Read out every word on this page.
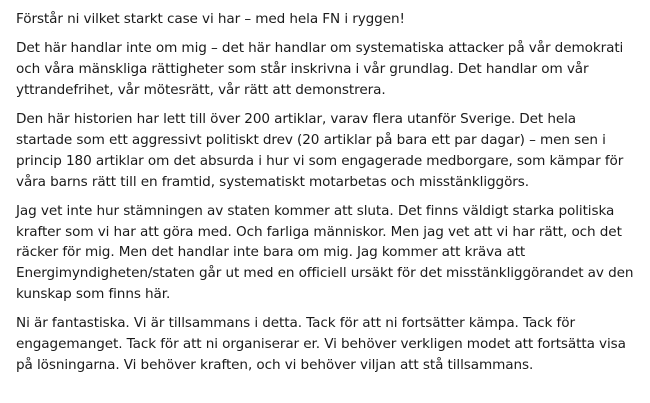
Förstår ni vilket starkt case vi har – med hela FN i ryggen!

Det här handlar inte om mig – det här handlar om systematiska attacker på vår demokrati och våra mänskliga rättigheter som står inskrivna i vår grundlag. Det handlar om vår yttrandefrihet, vår mötesrätt, vår rätt att demonstrera.

Den här historien har lett till över 200 artiklar, varav flera utanför Sverige. Det hela startade som ett aggressivt politiskt drev (20 artiklar på bara ett par dagar) – men sen i princip 180 artiklar om det absurda i hur vi som engagerade medborgare, som kämpar för våra barns rätt till en framtid, systematiskt motarbetas och misstänkliggörs.

Jag vet inte hur stämningen av staten kommer att sluta. Det finns väldigt starka politiska krafter som vi har att göra med. Och farliga människor. Men jag vet att vi har rätt, och det räcker för mig. Men det handlar inte bara om mig. Jag kommer att kräva att Energimyndigheten/staten går ut med en officiell ursäkt för det misstänkliggörandet av den kunskap som finns här.

Ni är fantastiska. Vi är tillsammans i detta. Tack för att ni fortsätter kämpa. Tack för engagemanget. Tack för att ni organiserar er. Vi behöver verkligen modet att fortsätta visa på lösningarna. Vi behöver kraften, och vi behöver viljan att stå tillsammans.
